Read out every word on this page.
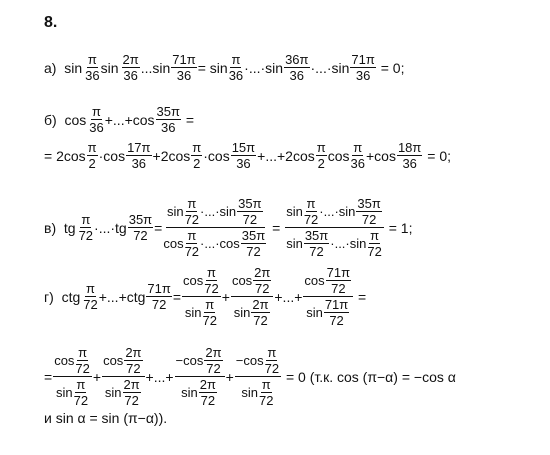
8.
а)
$\sin \frac{\pi}{36}$ $\sin \frac{2\pi}{36} ...\sin \frac{71\pi}{36} = \sin \frac{\pi}{36} \cdot...\cdot\sin \frac{36\pi}{36} \cdot...\cdot\sin \frac{71\pi}{36} = 0$;
б)
$\cos \frac{\pi}{36} +...+\cos \frac{35\pi}{36}$ =
= $2\cos \frac{\pi}{2} \cdot\cos \frac{17\pi}{36} +2\cos \frac{\pi}{2} \cdot\cos \frac{15\pi}{36} +...+2\cos \frac{\pi}{2}$ $\cos \frac{\pi}{36} +\cos \frac{18\pi}{36} = 0$;
в)
tg $\frac{\pi}{72} \cdot...\cdot tg \frac{35\pi}{72} = \frac{\sin \frac{\pi}{72} \cdot...\cdot\sin \frac{35\pi}{72}}{\cos \frac{\pi}{72} \cdot...\cdot\cos \frac{35\pi}{72}} = \frac{\sin \frac{\pi}{72} \cdot...\cdot\sin \frac{35\pi}{72}}{\sin \frac{35\pi}{72} \cdot...\cdot\sin \frac{\pi}{72}} = 1$;
г)
ctg $\frac{\pi}{72} +...+ctg \frac{71\pi}{72} = \frac{\cos \frac{\pi}{72}}{\sin \frac{\pi}{72}} + \frac{\cos \frac{2\pi}{72}}{\sin \frac{2\pi}{72}}$ +...+ $\frac{\cos \frac{71\pi}{72}}{\sin \frac{71\pi}{72}}$ =
= $\frac{\cos \frac{\pi}{72}}{\sin \frac{\pi}{72}} + \frac{\cos \frac{2\pi}{72}}{\sin \frac{2\pi}{72}}$ +...+ $\frac{-\cos \frac{2\pi}{72}}{\sin \frac{2\pi}{72}} + \frac{-\cos \frac{\pi}{72}}{\sin \frac{\pi}{72}} = 0$ (т.к. cos (π−α) = −cos α
и sin α = sin (π−α)).
